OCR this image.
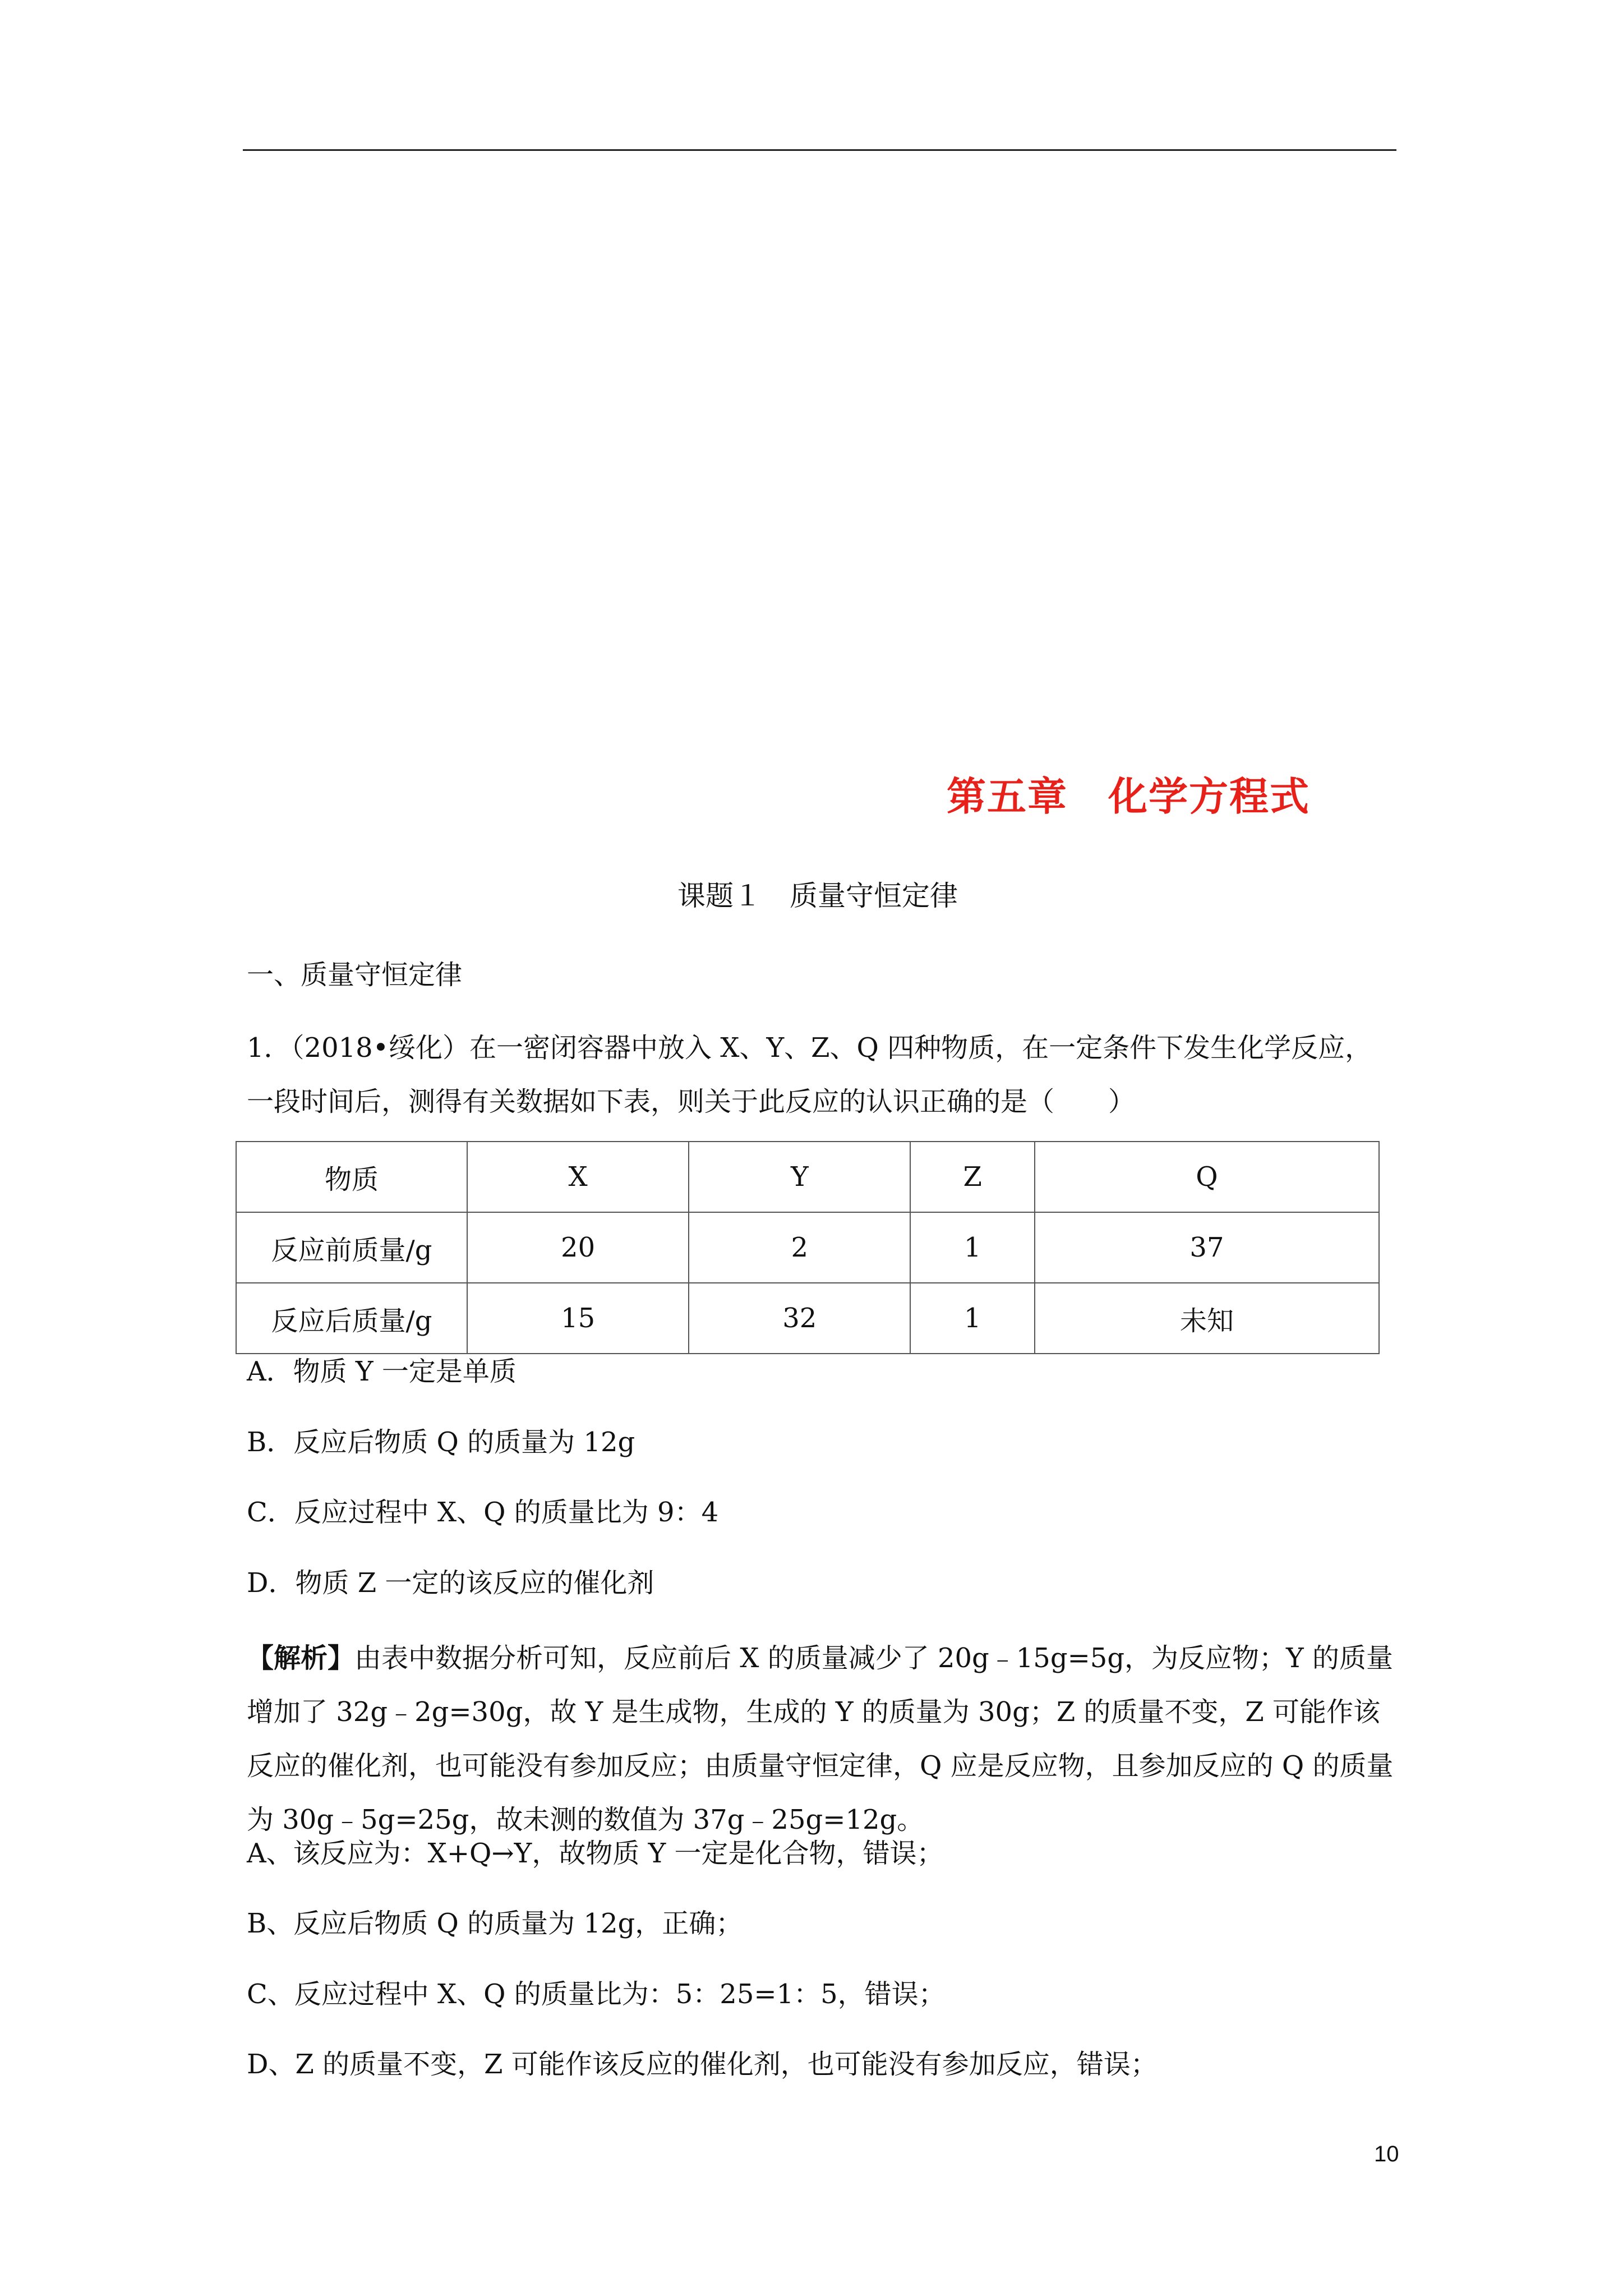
第五章　化学方程式
课题１　质量守恒定律
一、质量守恒定律

1．（2018•绥化）在一密闭容器中放入 X、Y、Z、Q 四种物质，在一定条件下发生化学反应，一段时间后，测得有关数据如下表，则关于此反应的认识正确的是（　　）

物质	X	Y	Z	Q
反应前质量/g	20	2	1	37
反应后质量/g	15	32	1	未知
A．物质 Y 一定是单质
B．反应后物质 Q 的质量为 12g
C．反应过程中 X、Q 的质量比为 9：4
D．物质 Z 一定的该反应的催化剂
【解析】由表中数据分析可知，反应前后 X 的质量减少了 20g﹣15g=5g，为反应物；Y 的质量增加了 32g﹣2g=30g，故 Y 是生成物，生成的 Y 的质量为 30g；Z 的质量不变，Z 可能作该反应的催化剂，也可能没有参加反应；由质量守恒定律，Q 应是反应物，且参加反应的 Q 的质量为 30g﹣5g=25g，故未测的数值为 37g﹣25g=12g。
A、该反应为：X+Q→Y，故物质 Y 一定是化合物，错误；
B、反应后物质 Q 的质量为 12g，正确；
C、反应过程中 X、Q 的质量比为：5：25=1：5，错误；
D、Z 的质量不变，Z 可能作该反应的催化剂，也可能没有参加反应，错误；
10
